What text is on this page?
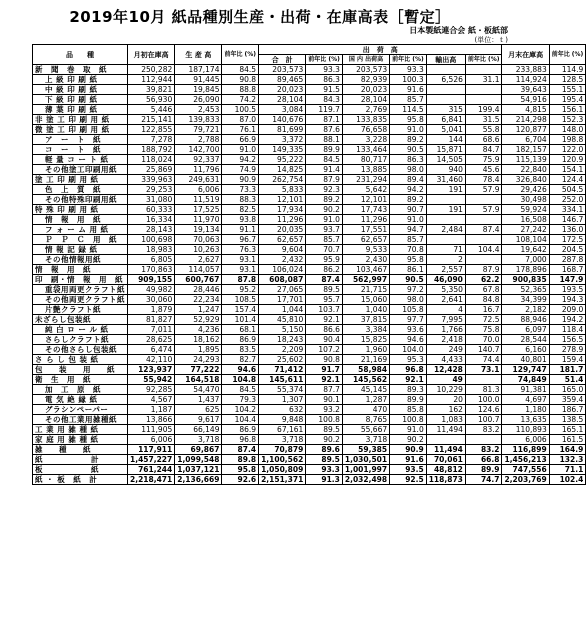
2019年10月 紙品種別生産・出荷・在庫高表［暫定］
日本製紙連合会 紙・板紙部
(単位：ｔ)
品　　種	月初在庫高	生 産 高	前年比 (%)	出　荷　高						月末在庫高	前年比 (%)
				合　計	前年比 (%)	国 内 出荷高	前年比 (%)	輸出高	前年比 (%)		
新　聞　巻　取　紙	250,282	187,174	84.5	203,573	93.3	203,573	93.3			233,883	114.9
上 級 印 刷 紙	112,944	91,445	90.8	89,465	86.3	82,939	100.3	6,526	31.1	114,924	128.5
中 級 印 刷 紙	39,821	19,845	88.8	20,023	91.5	20,023	91.6			39,643	155.1
下 級 印 刷 紙	56,930	26,090	74.2	28,104	84.3	28,104	85.7			54,916	195.4
薄 葉 印 刷 紙	5,446	2,453	100.5	3,084	119.7	2,769	114.5	315	199.4	4,815	156.1
非 塗 工 印 刷 用 紙	215,141	139,833	87.0	140,676	87.1	133,835	95.8	6,841	31.5	214,298	152.3
微 塗 工 印 刷 用 紙	122,855	79,721	76.1	81,699	87.6	76,658	91.0	5,041	55.8	120,877	148.0
ア　ー　ト　紙	7,278	2,788	66.9	3,372	88.1	3,228	89.2	144	68.6	6,704	198.8
コ　ー　ト　紙	188,792	142,700	91.0	149,335	89.9	133,464	90.5	15,871	84.7	182,157	122.0
軽 量 コ ー ト 紙	118,024	92,337	94.2	95,222	84.5	80,717	86.3	14,505	75.9	115,139	120.9
その他塗工印刷用紙	25,869	11,796	74.9	14,825	91.4	13,885	98.0	940	45.6	22,840	154.1
塗 工 印 刷 用 紙	339,963	249,631	90.9	262,754	87.9	231,294	89.4	31,460	78.4	326,840	124.4
色　上　質　紙	29,253	6,006	73.3	5,833	92.3	5,642	94.2	191	57.9	29,426	504.5
その他特殊印刷用紙	31,080	11,519	88.3	12,101	89.2	12,101	89.2			30,498	252.0
特 殊 印 刷 用 紙	60,333	17,525	82.5	17,934	90.2	17,743	90.7	191	57.9	59,924	334.1
情　報　用　紙	16,334	11,970	93.8	11,296	91.0	11,296	91.0			16,508	146.7
フ ォ ー ム 用 紙	28,143	19,134	91.1	20,035	93.7	17,551	94.7	2,484	87.4	27,242	136.0
Ｐ　Ｐ　Ｃ　用　紙	100,698	70,063	96.7	62,657	85.7	62,657	85.7			108,104	172.5
情 報 記 録 紙	18,983	10,263	76.3	9,604	70.7	9,533	70.8	71	104.4	19,642	204.5
その他情報用紙	6,805	2,627	93.1	2,432	95.9	2,430	95.8	2		7,000	287.8
情　報　用　紙	170,863	114,057	93.1	106,024	86.2	103,467	86.1	2,557	87.9	178,896	168.7
印　刷・情　報　用　紙	909,155	600,767	87.8	608,087	87.4	562,997	90.5	46,090	62.2	900,835	147.9
重袋用両更クラフト紙	49,982	28,446	95.2	27,065	89.5	21,715	97.2	5,350	67.8	52,365	193.5
その他両更クラフト紙	30,060	22,234	108.5	17,701	95.7	15,060	98.0	2,641	84.8	34,399	194.3
片艶クラフト紙	1,879	1,247	157.4	1,044	103.7	1,040	105.8	4	16.7	2,182	209.0
未ざらし包装紙	81,827	52,929	101.4	45,810	92.1	37,815	97.7	7,995	72.5	88,946	194.2
純 白 ロ ー ル 紙	7,011	4,236	68.1	5,150	86.6	3,384	93.6	1,766	75.8	6,097	118.4
さらしクラフト紙	28,625	18,162	86.9	18,243	90.4	15,825	94.6	2,418	70.0	28,544	156.5
その他さらし包装紙	6,474	1,895	83.5	2,209	107.2	1,960	104.0	249	140.7	6,160	278.9
さ ら し 包 装 紙	42,110	24,293	82.7	25,602	90.8	21,169	95.3	4,433	74.4	40,801	159.4
包　　装　　用　　紙	123,937	77,222	94.6	71,412	91.7	58,984	96.8	12,428	73.1	129,747	181.7
衛　生　用　紙	55,942	164,518	104.8	145,611	92.1	145,562	92.1	49		74,849	51.4
加　工　原　紙	92,285	54,470	84.5	55,374	87.7	45,145	89.3	10,229	81.3	91,381	165.0
電 気 絶 縁 紙	4,567	1,437	79.3	1,307	90.1	1,287	89.9	20	100.0	4,697	359.4
グラシンペーパー	1,187	625	104.2	632	93.2	470	85.8	162	124.6	1,180	186.7
その他工業用雑種紙	13,866	9,617	104.4	9,848	100.8	8,765	100.8	1,083	100.7	13,635	138.5
工 業 用 雑 種 紙	111,905	66,149	86.9	67,161	89.5	55,667	91.0	11,494	83.2	110,893	165.1
家 庭 用 雑 種 紙	6,006	3,718	96.8	3,718	90.2	3,718	90.2			6,006	161.5
雑　　種　　紙	117,911	69,867	87.4	70,879	89.6	59,385	90.9	11,494	83.2	116,899	164.9
紙　　　　　　計	1,457,227	1,099,548	89.8	1,100,562	89.5	1,030,501	91.6	70,061	66.8	1,456,213	132.3
板　　　　　　紙	761,244	1,037,121	95.8	1,050,809	93.3	1,001,997	93.5	48,812	89.9	747,556	71.1
紙 ・ 板　紙　計	2,218,471	2,136,669	92.6	2,151,371	91.3	2,032,498	92.5	118,873	74.7	2,203,769	102.4
